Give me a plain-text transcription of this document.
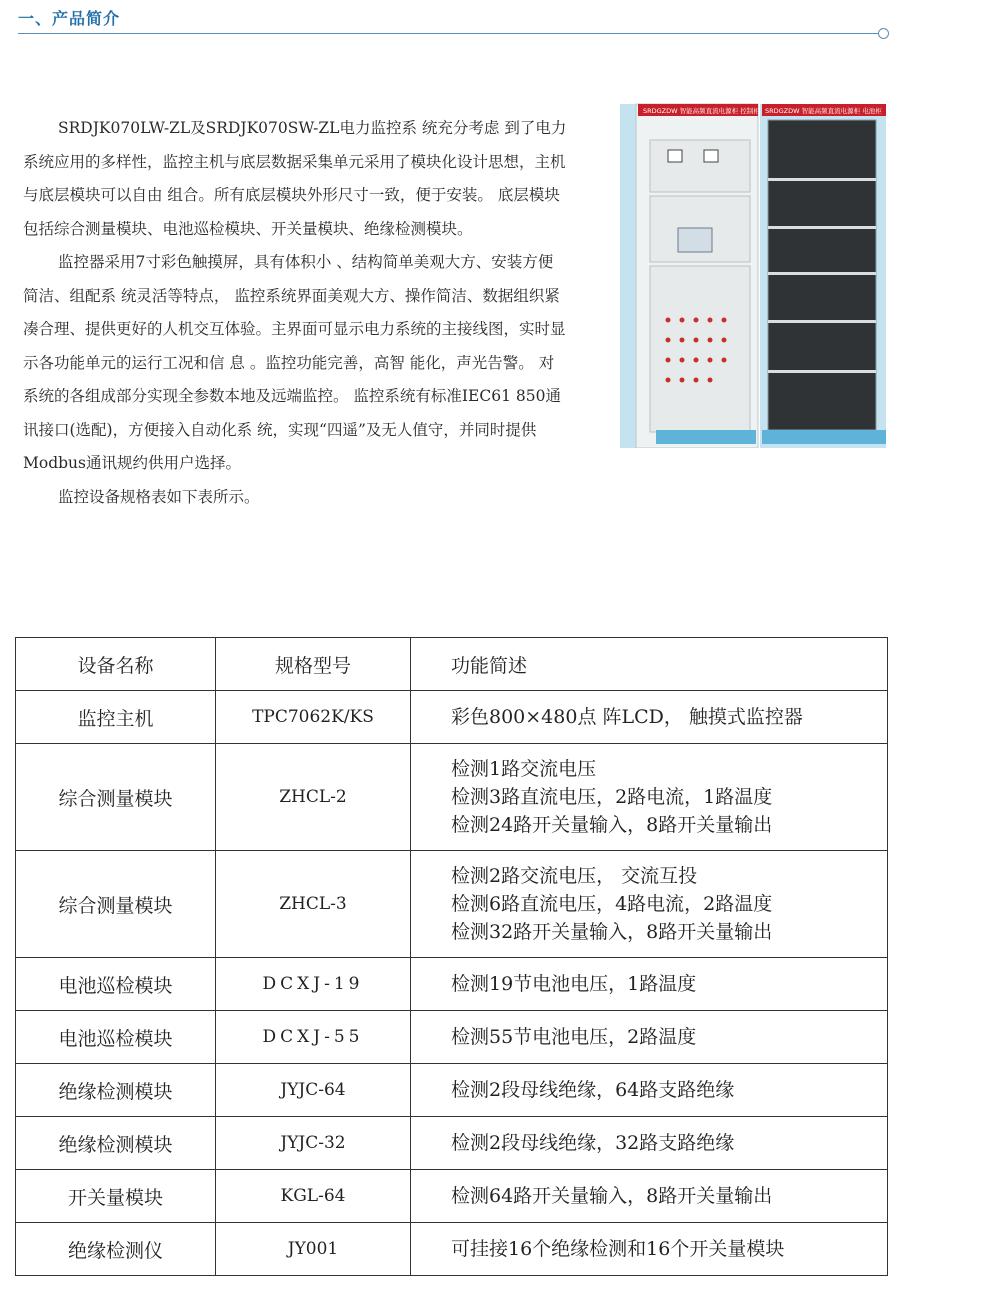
一、产品简介

SRDJK070LW-ZL及SRDJK070SW-ZL电力监控系 统充分考虑 到了电力系统应用的多样性，监控主机与底层数据采集单元采用了模块化设计思想，主机与底层模块可以自由 组合。所有底层模块外形尺寸一致，便于安装。 底层模块包括综合测量模块、电池巡检模块、开关量模块、绝缘检测模块。

监控器采用7寸彩色触摸屏，具有体积小 、结构简单美观大方、安装方便简洁、组配系 统灵活等特点， 监控系统界面美观大方、操作简洁、数据组织紧凑合理、提供更好的人机交互体验。主界面可显示电力系统的主接线图，实时显示各功能单元的运行工况和信 息 。监控功能完善，高智 能化，声光告警。 对系统的各组成部分实现全参数本地及远端监控。 监控系统有标准IEC61 850通讯接口(选配)，方便接入自动化系 统，实现“四遥”及无人值守，并同时提供Modbus通讯规约供用户选择。

监控设备规格表如下表所示。

SRDGZDW 智能高频直流电源柜 控制柜 SRDGZDW 智能高频直流电源柜 电池柜
设备名称	规格型号	功能简述
监控主机	TPC7062K/KS	彩色800×480点 阵LCD， 触摸式监控器

综合测量模块	ZHCL-2	检测1路交流电压
检测3路直流电压，2路电流，1路温度
检测24路开关量输入，8路开关量输出

综合测量模块	ZHCL-3	检测2路交流电压， 交流互投
检测6路直流电压，4路电流，2路温度
检测32路开关量输入，8路开关量输出

电池巡检模块	DCXJ-19	检测19节电池电压，1路温度

电池巡检模块	DCXJ-55	检测55节电池电压，2路温度

绝缘检测模块	JYJC-64	检测2段母线绝缘，64路支路绝缘

绝缘检测模块	JYJC-32	检测2段母线绝缘，32路支路绝缘

开关量模块	KGL-64	检测64路开关量输入，8路开关量输出

绝缘检测仪	JY001	可挂接16个绝缘检测和16个开关量模块
